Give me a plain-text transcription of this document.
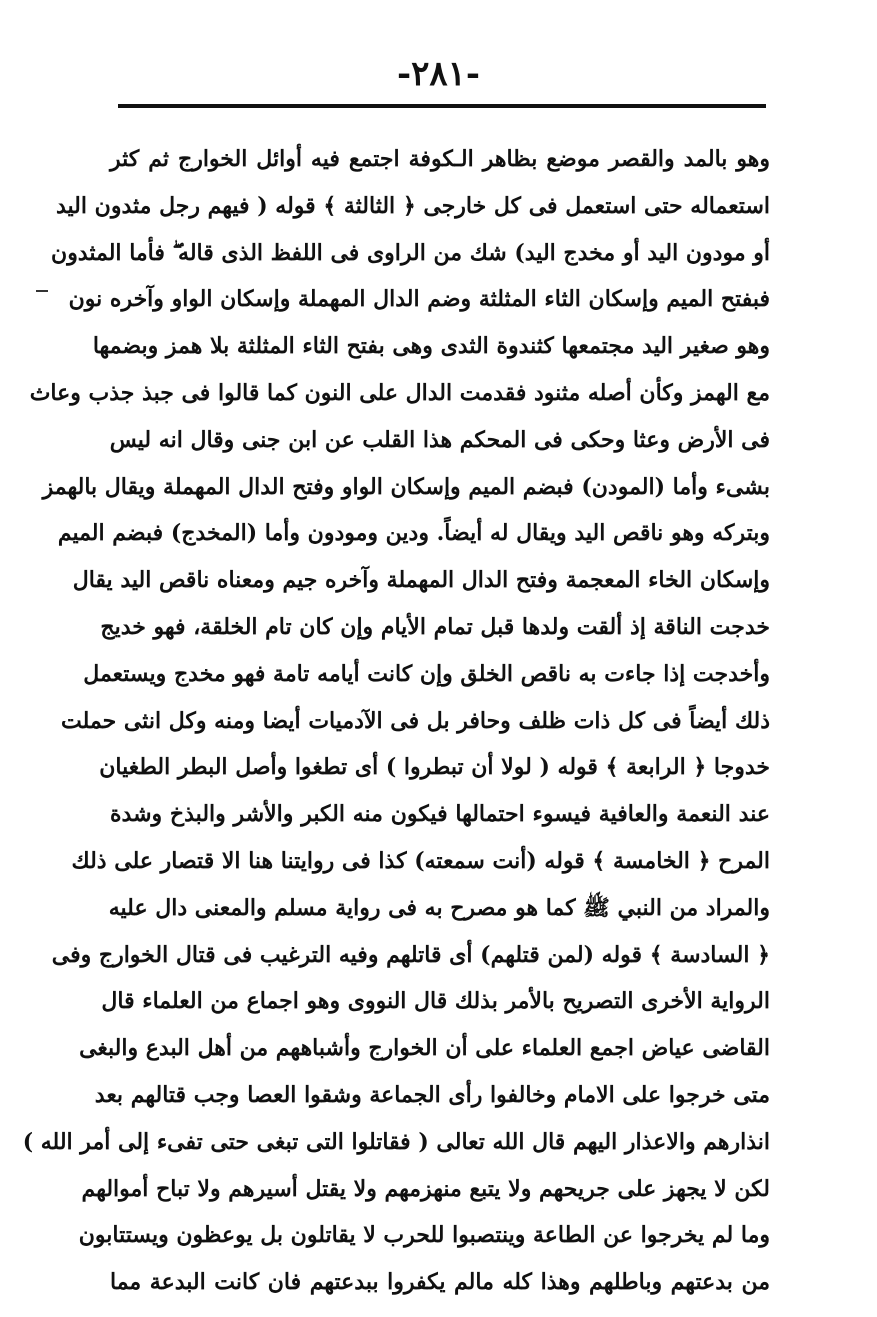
-٢٨١-
وهو بالمد والقصر موضع بظاهر الـكوفة اجتمع فيه أوائل الخوارج ثم كثر
استعماله حتى استعمل فى كل خارجى ﴿ الثالثة ﴾ قوله ( فيهم رجل مثدون اليد
أو مودون اليد أو مخدج اليد) شك من الراوى فى اللفظ الذى قاله ۖ فأما المثدون
فبفتح الميم وإسكان الثاء المثلثة وضم الدال المهملة وإسكان الواو وآخره نون
وهو صغير اليد مجتمعها كثندوة الثدى وهى بفتح الثاء المثلثة بلا همز وبضمها
مع الهمز وكأن أصله مثنود فقدمت الدال على النون كما قالوا فى جبذ جذب وعاث
فى الأرض وعثا وحكى فى المحكم هذا القلب عن ابن جنى وقال انه ليس
بشىء وأما (المودن) فبضم الميم وإسكان الواو وفتح الدال المهملة ويقال بالهمز
وبتركه وهو ناقص اليد ويقال له أيضاً. ودين ومودون وأما (المخدج) فبضم الميم
وإسكان الخاء المعجمة وفتح الدال المهملة وآخره جيم ومعناه ناقص اليد يقال
خدجت الناقة إذ ألقت ولدها قبل تمام الأيام وإن كان تام الخلقة، فهو خديج
وأخدجت إذا جاءت به ناقص الخلق وإن كانت أيامه تامة فهو مخدج ويستعمل
ذلك أيضاً فى كل ذات ظلف وحافر بل فى الآدميات أيضا ومنه وكل انثى حملت
خدوجا ﴿ الرابعة ﴾ قوله ( لولا أن تبطروا ) أى تطغوا وأصل البطر الطغيان
عند النعمة والعافية فيسوء احتمالها فيكون منه الكبر والأشر والبذخ وشدة
المرح ﴿ الخامسة ﴾ قوله (أنت سمعته) كذا فى روايتنا هنا الا قتصار على ذلك
والمراد من النبي ﷺ كما هو مصرح به فى رواية مسلم والمعنى دال عليه
﴿ السادسة ﴾ قوله (لمن قتلهم) أى قاتلهم وفيه الترغيب فى قتال الخوارج وفى
الرواية الأخرى التصريح بالأمر بذلك قال النووى وهو اجماع من العلماء قال
القاضى عياض اجمع العلماء على أن الخوارج وأشباههم من أهل البدع والبغى
متى خرجوا على الامام وخالفوا رأى الجماعة وشقوا العصا وجب قتالهم بعد
انذارهم والاعذار اليهم قال الله تعالى ( فقاتلوا التى تبغى حتى تفىء إلى أمر الله )
لكن لا يجهز على جريحهم ولا يتبع منهزمهم ولا يقتل أسيرهم ولا تباح أموالهم
وما لم يخرجوا عن الطاعة وينتصبوا للحرب لا يقاتلون بل يوعظون ويستتابون
من بدعتهم وباطلهم وهذا كله مالم يكفروا ببدعتهم فان كانت البدعة مما
